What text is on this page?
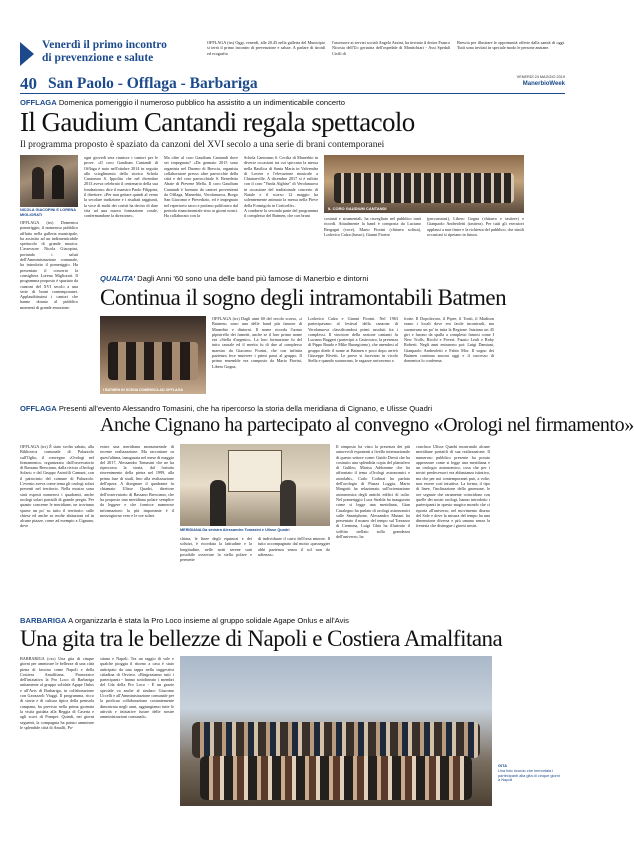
Venerdì il primo incontro
di prevenzione e salute
OFFLAGA (trs) Oggi, venerdì, alle 20.45 nella galleria del Municipio si terrà il primo incontro di prevenzione e salute. A parlare di tiroidi ed ecografia
l'assessore ai servizi sociali Angelo Azzini, ha invitato il dottor Franco Nicosia dell'Uo geriatria dell'ospedale di Montichiari - Asst Spedali Civili di
Brescia per illustrare le opportunità offerte dalla sanità di oggi. Tutti sono invitati in speciale modo le persone anziane.
40 San Paolo - Offlaga - Barbariga	VENERDÌ 24 MAGGIO 2019
ManerbioWeek
OFFLAGA Domenica pomeriggio il numeroso pubblico ha assistito a un indimenticabile concerto
Il Gaudium Cantandi regala spettacolo
Il programma proposto è spaziato da canzoni del XVI secolo a una serie di brani contemporanei
NICOLA GIACOPINI E LORENA MIGLIORATI
OFFLAGA (trs) Domenica pomeriggio, il numeroso pubblico affluito nella galleria municipale, ha assistito ad un indimenticabile spettacolo di grande musica. L'assessore Nicola Giacopini, portando i saluti dell'Amministrazione comunale, ha introdotto il pomeriggio. Ha presentato il concerto la consigliera Lorena Migliorati. Il programma proposto è spaziato da canzoni del XVI secolo a una serie di brani contemporanei. Applauditissimi i cantori che hanno donato al pubblico momenti di grande emozione.
ogni giovedì sera riunisce i cantori per le prove. «Il coro Gaudium Cantandi di Offlaga è nato nell'ottobre 2014 in seguito allo scioglimento della storica Schola Cantorum S. Ippolito che nel dicembre 2013 aveva celebrato il centenario della sua fondazione» dice il maestro Paolo Filippini, il direttore. «Per non gettare quindi al vento la secolare tradizione e i risultati raggiunti, la voce di molti dei coristi ha deciso di dare vita ad una nuova formazione corale, confermandone la direzione».
Ma oltre al coro Gaudium Cantandi dove sei impegnato? «Da gennaio 2015 sono organista nel Duomo di Brescia, organista collaboratore presso altre parrocchie della città e del coro parrocchiale S. Benedetto Abate di Pievene Mella. Il coro Gaudium Cantandi è formato da cantori provenienti da Offlaga, Manerbio, Verolanuova, Borgo San Giacomo e Pievedizio, ed è impegnato nel repertorio sacro e profano polifonico dal periodo rinascimentale sino ai giorni nostri. Ha collaborato con la
Schola Cantorum S. Cecilia di Manerbio in diverse occasioni tra cui spiccano la messa nella Basilica di Santa Maria in Valvendra di Lovere e l'elevazione musicale a Chiatonville. A dicembre 2017 si è esibito con il coro "Vinda Alghise" di Verolanuova in occasione del tradizionale concerto di Natale e il scorso 12 maggio ha solennemente animato la messa nella Pieve della Formigola in Corticelle».
A condurre la seconda parte del programma il complesso del Batmen, che con brani
IL CORO GAUDIUM CANTANDI
costanti e strumentali, ha risvegliato nel pubblico tanti ricordi. Attualmente la band è composta da Luciano Bergagni (voce), Mario Fiorini (chitarra solista), Lodovico Calza (basso), Gianni Fiorini
(percussioni), Libero Gogna (chitarra e tastiere) e Gianpaolo Andreoletti (tastiera). Per tutti gli esecutori applausi a non finire e la richiesta del pubblico, che simili occasioni si ripetano in futuro.
QUALITA' Dagli Anni '60 sono una delle band più famose di Manerbio e dintorni
Continua il sogno degli intramontabili Batmen
I BATMEN IN SCENA DOMENICA AD OFFLAGA
OFFLAGA (trs) Dagli anni 60 del secolo scorso, «i Batmen» sono una delle band più famose di Manerbio e dintorni. Il nome ricorda l'uomo pipistrello dei fumetti, anche se il loro primo nome era «Stella d'argento». La loro formazione fu del tutto casuale ed il merito fu di due al complesso maestro da Giacomo Fiorini, che con infinita pazienza fece muovere i primi passi al gruppo. Il primo ensemble era composto da Mario Fiorini, Libero Gogna,
Lodovico Calza e Gianni Fiorini. Nel 1963 partecipavano al festival della canzone di Verolanuova classificandosi primi assoluti fra i complessi. Il vincitore della sezione cantanti fu Luciano Baggeri (partecipò a Castrocaro, la presenza di Pippo Baudo e Mike Buongiorno), che unendosi al gruppo diede il nome ai Batmen e poco dopo arrivò Giuseppe Rivetti. Le prove si facevano in vicolo Stella e quando suonavano, le ragazze arrivavano a
frotte. Il Dopolavoro, il Pipee, il Trotti, il Madison erano i locali dove era facile incontrarli, ma suonavano un po' in tutta la Regione. Iniziano un 45 giri e furono da spalla a complessi famosi come I New Trolls, Ricchi e Poveri, Fausto Leali e Roby Roberti. Negli anni entrarono poi: Luigi Damiani, Gianpaolo Andreoletti e Fabio Mor. Il sogno dei Batmen continua ancora oggi e il successo di domenica lo conferma.
OFFLAGA Presenti all'evento Alessandro Tomasini, che ha ripercorso la storia della meridiana di Cignano, e Ulisse Quadri
Anche Cignano ha partecipato al convegno «Orologi nel firmamento»
OFFLAGA (trs) È stato svolto sabato, alla Biblioteca comunale di Palazzolo sull'Oglio, il convegno «Orologi nel firmamento» organizzato dall'osservatorio di Bassano Bresciano, dalla rivista «Orologi Solari» e dal Gruppo Astrofili Camuni, con il patrocinio del comune di Palazzolo. L'evento aveva come tema gli orologi solari presenti nel territorio. Nella mostra sono stati esposti numerosi i quadranti, anche orologi solari portatili di grande pregio. Per quanto concerne le meridiane, ne troviamo sparse un po' su tutto il territorio: sulle chiese ed anche su molte abitazioni ed in alcune piazze, come ad esempio a Cignano, dove
esiste una meridiana monumentale di recente realizzazione. Ma raccontare su quest'ultima, inaugurata nel mese di maggio del 2017, Alessandro Tomasini che ne ha ripercorso la storia, dal fortuito rinvenimento della pietra nel 1999, alla prima fase di studi, fino alla realizzazione dell'opera. A disegnare il quadrante fu chiamato Ulisse Quadri, direttore dell'osservatorio di Bassano Bresciano, che ha proposto una meridiana polare semplice da leggere e che fornisce numerose informazioni: la più importante è il mezzogiorno vero e le ore solari.
MERIDIANA Da sinistra Alessandro Tomasini e Ulisse Quadri
chiara, le linee degli equinozi e dei solstizi, è ricordata la latitudine e la longitudine, nelle notti serene sarà possibile osservare la stella polare e permette
di individuare il carro dell'orsa minore. Il tutto accompagnato dal motto «passeggier abbi pazienza senza il sol non do udienza».
Il simposio ha visto la presenza dei più autorevoli esponenti a livello internazionale di questo settore come: Guido Dresti che ha costruito una splendida copia del planisfero di Galileo, Marisa Addomine che ha affrontato il tema «Orologi astronomici e astrolabi», Carlo Corbuzi ha parlato dell'orologio di Piazza Loggia, Mario Margotti ha relazionato sull'orientazione astronomica degli antichi edifici di culto. Nel pomeriggio Luca Strabla ha inaugurato come si legge una meridiana, Gian Casalegno ha parlato di orologi astronomici sulle Smartphone, Alessandro Mutani ha presentato il museo del tempo sul Torrazzo di Cremona, Luigi Ghia ha illustrato il soffitto stellato sulla grandezza dell'universo, ha
concluso Ulisse Quadri mostrando alcune meridiane portatili di sua realizzazione. Il numeroso pubblico presente ha potuto apprezzare come si legge una meridiana e un orologio astronomico, cosa che per i nostri predecessori era abbastanza istintivo, ma che per noi contemporanei può, a volte, non essere così intuitiva. La forma, il tipo di linee, l'inclinazione dello gnomone, le ore segnate che raramente coincidono con quelle dei nostri orologi, hanno introdotto i partecipanti in questo magico mondo che ci riporta all'universo, nel movimento diurno del Sole e dove la misura del tempo ha una dimensione diversa e più umana senza la frenesia che distingue i giorni nostri.
BARBARIGA A organizzarla è stata la Pro Loco insieme al gruppo solidale Agape Onlus e all'Avis
Una gita tra le bellezze di Napoli e Costiera Amalfitana
BARBARIGA (cxs) Una gita di cinque giorni per ammirare le bellezze di una città piena di fascino come Napoli e della Costiera Amalfitana. Promotrice dell'iniziativa la Pro Loco di Barbariga unitamente al gruppo solidale Agape Onlus e all'Avis di Barbariga, in collaborazione con Gavazzoli Viaggi. Il programma, ricco di storia e di cultura tipica della penisola campana, ha previsto nella prima giornata la visita guidata alla Reggia di Caserta e agli scavi di Pompei. Quindi, nei giorni seguenti, la compagnia ha potuto ammirare le splendide città di Amalfi, Po-
sitano e Napoli. Tra un raggio di sole e qualche pioggia il ritorno a casa è stato anticipato da una tappa nella suggestiva cittadina di Orvieto. «Ringraziamo tutti i partecipanti - hanno sottolineato i membri del Cda della Pro Loco - E un grazie speciale va anche al sindaco Giacomo Uccelli e all'Amministrazione comunale per la proficua collaborazione costantemente dimostrata negli anni, aggiungiamo tutte le attività e iniziative future delle nostre amministrazioni comunali».
GITA
Una foto ricordo che immortala i partecipanti alla gita di cinque giorni a Napoli
